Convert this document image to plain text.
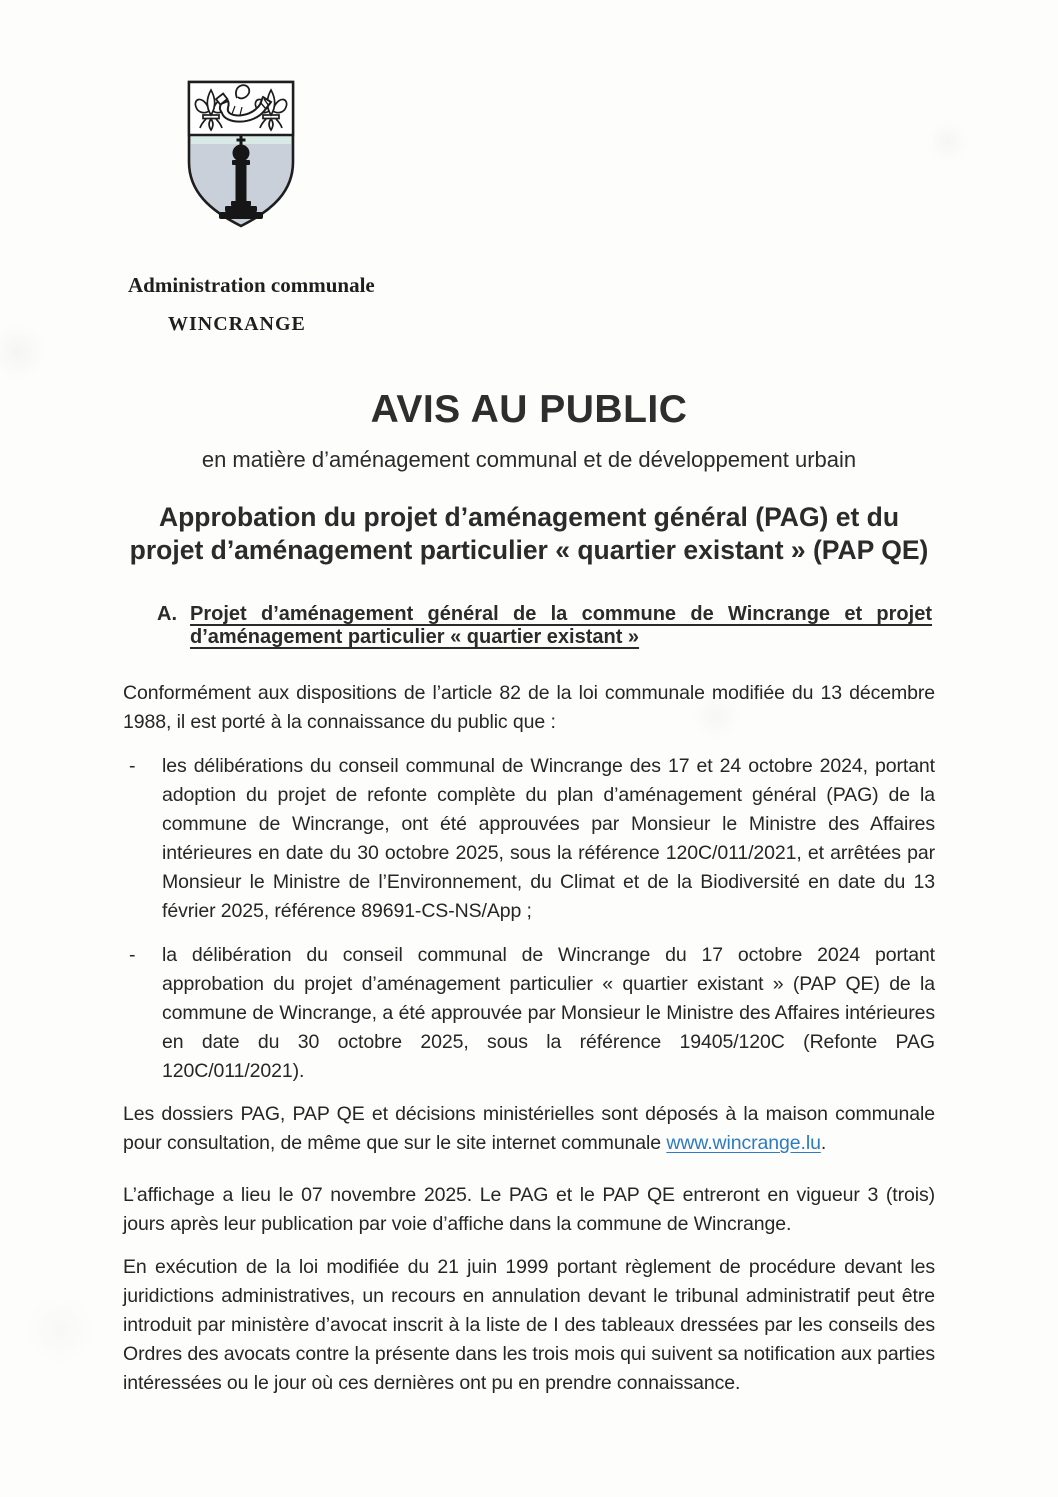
Administration communale
WINCRANGE
AVIS AU PUBLIC
en matière d’aménagement communal et de développement urbain
Approbation du projet d’aménagement général (PAG) et du projet d’aménagement particulier « quartier existant » (PAP QE)
A. Projet d’aménagement général de la commune de Wincrange et projet d’aménagement particulier « quartier existant »
Conformément aux dispositions de l’article 82 de la loi communale modifiée du 13 décembre 1988, il est porté à la connaissance du public que :
-	les délibérations du conseil communal de Wincrange des 17 et 24 octobre 2024, portant adoption du projet de refonte complète du plan d’aménagement général (PAG) de la commune de Wincrange, ont été approuvées par Monsieur le Ministre des Affaires intérieures en date du 30 octobre 2025, sous la référence 120C/011/2021, et arrêtées par Monsieur le Ministre de l’Environnement, du Climat et de la Biodiversité en date du 13 février 2025, référence 89691-CS-NS/App ;
-	la délibération du conseil communal de Wincrange du 17 octobre 2024 portant approbation du projet d’aménagement particulier « quartier existant » (PAP QE) de la commune de Wincrange, a été approuvée par Monsieur le Ministre des Affaires intérieures en date du 30 octobre 2025, sous la référence 19405/120C (Refonte PAG 120C/011/2021).
Les dossiers PAG, PAP QE et décisions ministérielles sont déposés à la maison communale pour consultation, de même que sur le site internet communale www.wincrange.lu.
L’affichage a lieu le 07 novembre 2025. Le PAG et le PAP QE entreront en vigueur 3 (trois) jours après leur publication par voie d’affiche dans la commune de Wincrange.
En exécution de la loi modifiée du 21 juin 1999 portant règlement de procédure devant les juridictions administratives, un recours en annulation devant le tribunal administratif peut être introduit par ministère d’avocat inscrit à la liste de I des tableaux dressées par les conseils des Ordres des avocats contre la présente dans les trois mois qui suivent sa notification aux parties intéressées ou le jour où ces dernières ont pu en prendre connaissance.
